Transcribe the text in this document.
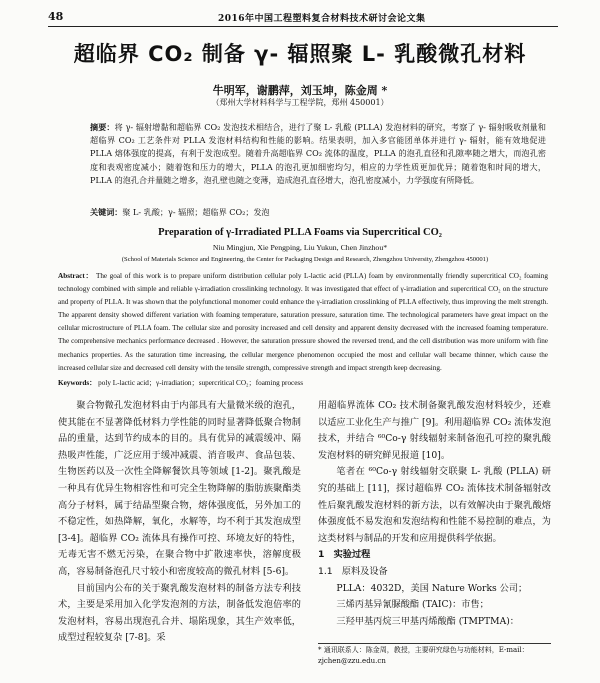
48	2016年中国工程塑料复合材料技术研讨会论文集
超临界 CO₂ 制备 γ- 辐照聚 L- 乳酸微孔材料
牛明军，谢鹏萍，刘玉坤，陈金周 *
（郑州大学材料科学与工程学院，郑州 450001）
摘要：将 γ- 辐射增黏和超临界 CO₂ 发泡技术相结合，进行了聚 L- 乳酸 (PLLA) 发泡材料的研究，考察了 γ- 辐射吸收剂量和超临界 CO₂ 工艺条件对 PLLA 发泡材料结构和性能的影响。结果表明，加入多官能团单体并进行 γ- 辐射，能有效地促进 PLLA 熔体强度的提高，有利于发泡成型。随着升高超临界 CO₂ 流体的温度，PLLA 的泡孔直径和孔隙率随之增大，而泡孔密度和表观密度减小；随着饱和压力的增大，PLLA 的泡孔更加细密均匀，相应的力学性质更加优异；随着饱和时间的增大，PLLA 的泡孔合并量随之增多，泡孔壁也随之变薄，造成泡孔直径增大，泡孔密度减小，力学强度有所降低。
关键词：聚 L- 乳酸；γ- 辐照；超临界 CO₂；发泡
Preparation of γ-Irradiated PLLA Foams via Supercritical CO₂
Niu Mingjun, Xie Pengping, Liu Yukun, Chen Jinzhou*
(School of Materials Science and Engineering, the Center for Packaging Design and Research, Zhengzhou University, Zhengzhou 450001)
Abstract： The goal of this work is to prepare uniform distribution cellular poly L-lactic acid (PLLA) foam by environmentally friendly supercritical CO₂ foaming technology combined with simple and reliable γ-irradiation crosslinking technology. It was investigated that effect of γ-irradiation and supercritical CO₂ on the structure and property of PLLA. It was shown that the polyfunctional monomer could enhance the γ-irradiation crosslinking of PLLA effectively, thus improving the melt strength. The apparent density showed different variation with foaming temperature, saturation pressure, saturation time. The technological parameters have great impact on the cellular microstructure of PLLA foam. The cellular size and porosity increased and cell density and apparent density decreased with the increased foaming temperature. The comprehensive mechanics performance decreased . However, the saturation pressure showed the reversed trend, and the cell distribution was more uniform with fine mechanics properties. As the saturation time increasing, the cellular mergence phenomenon occupied the most and cellular wall became thinner, which cause the increased cellular size and decreased cell density with the tensile strength, compressive strength and impact strength keep decreasing.
Keywords： poly L-lactic acid；γ-irradiation；supercritical CO₂；foaming process

聚合物微孔发泡材料由于内部具有大量微米级的泡孔，使其能在不显著降低材料力学性能的同时显著降低聚合物制品的重量，达到节约成本的目的。具有优异的减震缓冲、隔热吸声性能，广泛应用于缓冲减震、消音吸声、食品包装、生物医药以及一次性全降解餐饮具等领域 [1-2]。聚乳酸是一种具有优异生物相容性和可完全生物降解的脂肪族聚酯类高分子材料，属于结晶型聚合物，熔体强度低，另外加工的不稳定性，如热降解，氧化，水解等，均不利于其发泡成型 [3-4]。超临界 CO₂ 流体具有操作可控、环境友好的特性，无毒无害不燃无污染，在聚合物中扩散速率快，溶解度极高，容易制备泡孔尺寸较小和密度较高的微孔材料 [5-6]。

目前国内公布的关于聚乳酸发泡材料的制备方法专利技术，主要是采用加入化学发泡剂的方法，制备低发泡倍率的发泡材料，容易出现泡孔合并、塌陷现象，其生产效率低，成型过程较复杂 [7-8]。采

用超临界流体 CO₂ 技术制备聚乳酸发泡材料较少，还难以适应工业化生产与推广 [9]。利用超临界 CO₂ 流体发泡技术，并结合 ⁶⁰Co-γ 射线辐射来制备泡孔可控的聚乳酸发泡材料的研究鲜见报道 [10]。

笔者在 ⁶⁰Co-γ 射线辐射交联聚 L- 乳酸 (PLLA) 研究的基础上 [11]，探讨超临界 CO₂ 流体技术制备辐射改性后聚乳酸发泡材料的新方法，以有效解决由于聚乳酸熔体强度低不易发泡和发泡结构和性能不易控制的难点，为这类材料与制品的开发和应用提供科学依据。

1　实验过程

1.1　原料及设备

PLLA：4032D，美国 Nature Works 公司；

三烯丙基异氰脲酸酯 (TAIC)：市售；

三羟甲基丙烷三甲基丙烯酸酯 (TMPTMA)：

* 通讯联系人：陈金周，教授，主要研究绿色与功能材料，E-mail：zjchen@zzu.edu.cn
